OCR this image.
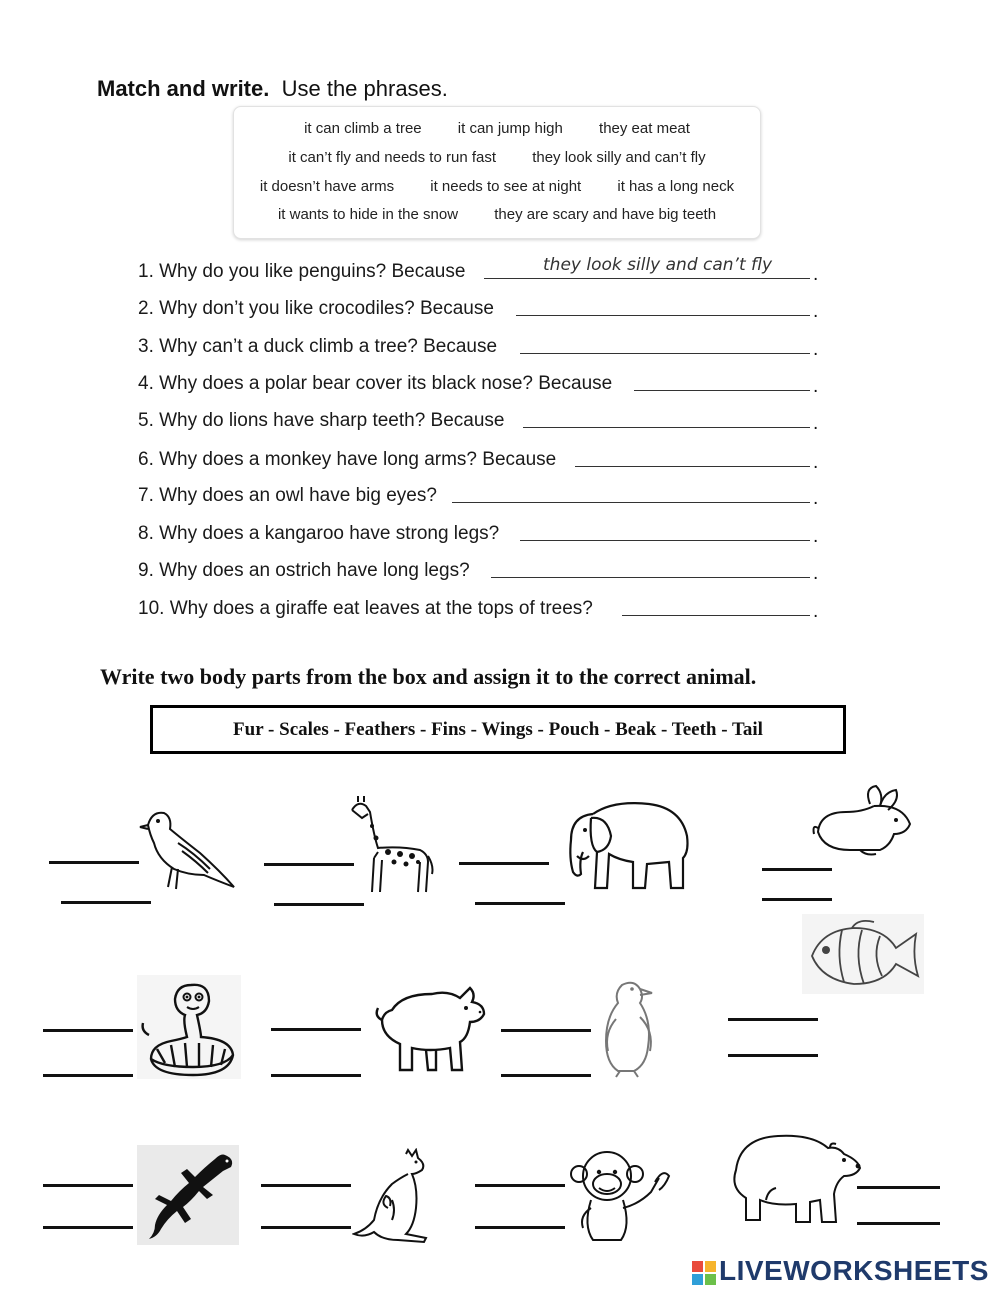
Match and write. Use the phrases.
it can climb a tree it can jump high they eat meat
it can’t fly and needs to run fast they look silly and can’t fly
it doesn’t have arms it needs to see at night it has a long neck
it wants to hide in the snow they are scary and have big teeth
1. Why do you like penguins? Because	they look silly and can’t fly .
2. Why don’t you like crocodiles? Because	.
3. Why can’t a duck climb a tree? Because	.
4. Why does a polar bear cover its black nose? Because	.
5. Why do lions have sharp teeth? Because	.
6. Why does a monkey have long arms? Because	.
7. Why does an owl have big eyes?	.
8. Why does a kangaroo have strong legs?	.
9. Why does an ostrich have long legs?	.
10. Why does a giraffe eat leaves at the tops of trees?	.
Write two body parts from the box and assign it to the correct animal.
Fur - Scales - Feathers - Fins - Wings - Pouch - Beak - Teeth - Tail
LIVEWORKSHEETS
